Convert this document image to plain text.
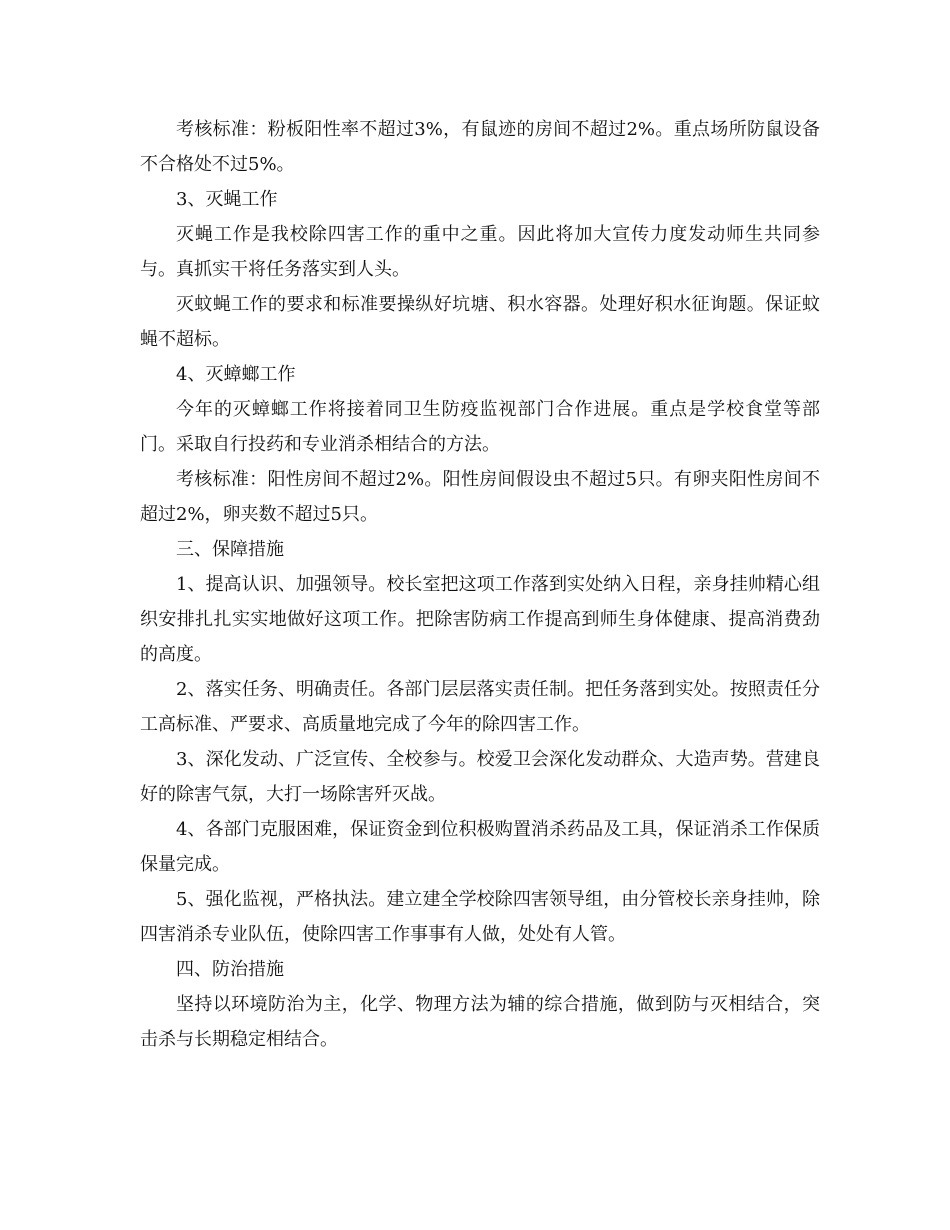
考核标准：粉板阳性率不超过3%，有鼠迹的房间不超过2%。重点场所防鼠设备不合格处不过5%。

3、灭蝇工作

灭蝇工作是我校除四害工作的重中之重。因此将加大宣传力度发动师生共同参与。真抓实干将任务落实到人头。

灭蚊蝇工作的要求和标准要操纵好坑塘、积水容器。处理好积水征询题。保证蚊蝇不超标。

4、灭蟑螂工作

今年的灭蟑螂工作将接着同卫生防疫监视部门合作进展。重点是学校食堂等部门。采取自行投药和专业消杀相结合的方法。

考核标准：阳性房间不超过2%。阳性房间假设虫不超过5只。有卵夹阳性房间不超过2%，卵夹数不超过5只。

三、保障措施

1、提高认识、加强领导。校长室把这项工作落到实处纳入日程，亲身挂帅精心组织安排扎扎实实地做好这项工作。把除害防病工作提高到师生身体健康、提高消费劲的高度。

2、落实任务、明确责任。各部门层层落实责任制。把任务落到实处。按照责任分工高标准、严要求、高质量地完成了今年的除四害工作。

3、深化发动、广泛宣传、全校参与。校爱卫会深化发动群众、大造声势。营建良好的除害气氛，大打一场除害歼灭战。

4、各部门克服困难，保证资金到位积极购置消杀药品及工具，保证消杀工作保质保量完成。

5、强化监视，严格执法。建立建全学校除四害领导组，由分管校长亲身挂帅，除四害消杀专业队伍，使除四害工作事事有人做，处处有人管。

四、防治措施

坚持以环境防治为主，化学、物理方法为辅的综合措施，做到防与灭相结合，突击杀与长期稳定相结合。
